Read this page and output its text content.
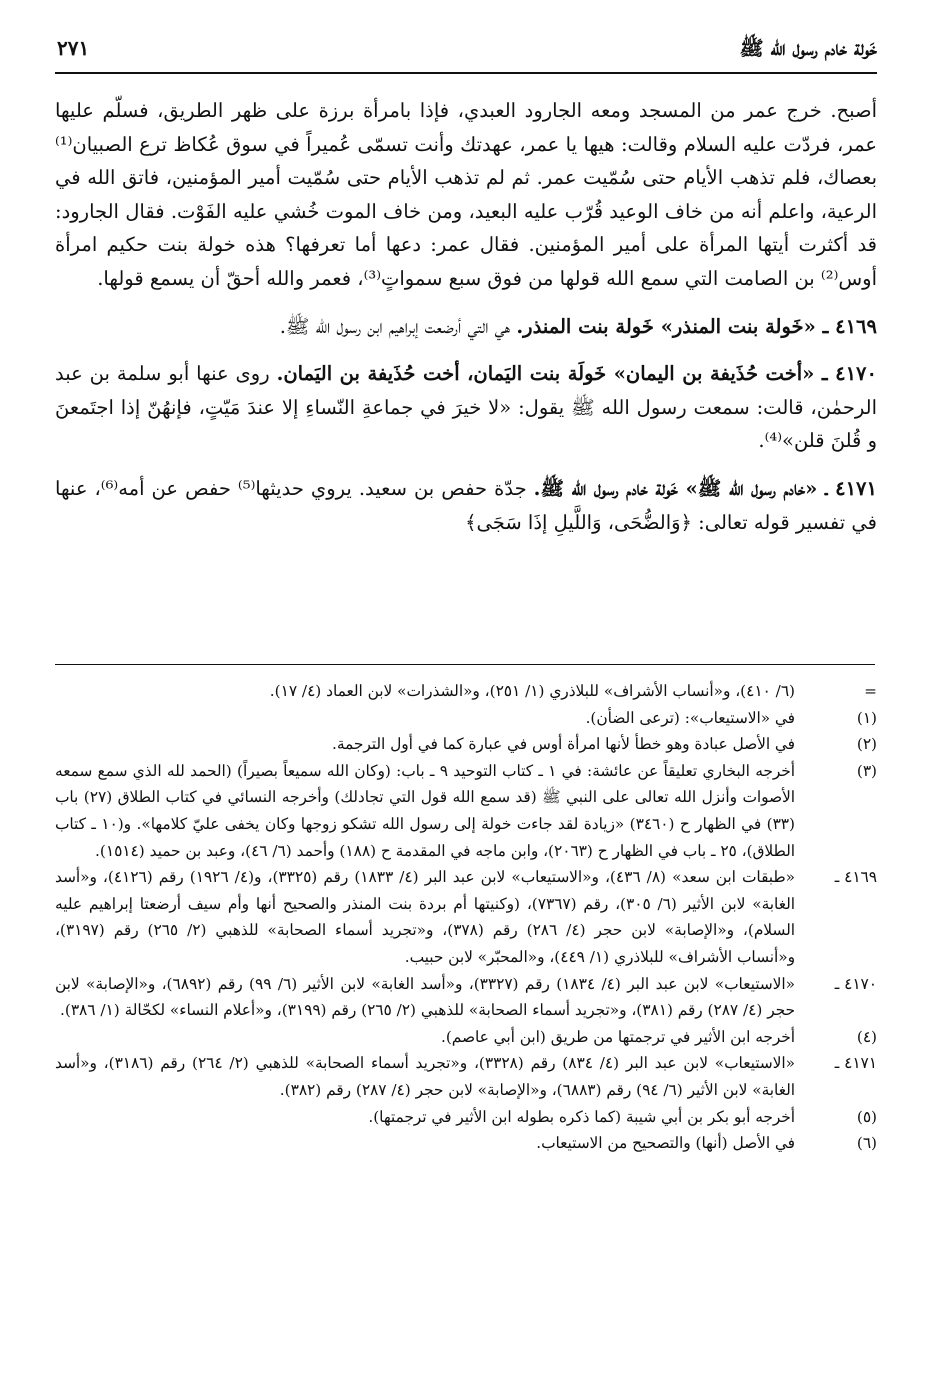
خَولة خادم رسول الله ﷺ
٢٧١

أصبح. خرج عمر من المسجد ومعه الجارود العبدي، فإذا بامرأة برزة على ظهر الطريق، فسلّم عليها عمر، فردّت عليه السلام وقالت: هيها يا عمر، عهدتك وأنت تسمّى عُميراً في سوق عُكاظ ترع الصبيان⁽¹⁾ بعصاك، فلم تذهب الأيام حتى سُمّيت عمر. ثم لم تذهب الأيام حتى سُمّيت أمير المؤمنين، فاتق الله في الرعية، واعلم أنه من خاف الوعيد قُرّب عليه البعيد، ومن خاف الموت خُشي عليه الفَوْت. فقال الجارود: قد أكثرت أيتها المرأة على أمير المؤمنين. فقال عمر: دعها أما تعرفها؟ هذه خولة بنت حكيم امرأة أوس⁽²⁾ بن الصامت التي سمع الله قولها من فوق سبع سمواتٍ⁽³⁾، فعمر والله أحقّ أن يسمع قولها.

٤١٦٩ ـ «خَولة بنت المنذر» خَولة بنت المنذر. هي التي أرضعت إبراهيم ابن رسول الله ﷺ.

٤١٧٠ ـ «أخت حُذَيفة بن اليمان» خَولَة بنت اليَمان، أخت حُذَيفة بن اليَمان. روى عنها أبو سلمة بن عبد الرحمٰن، قالت: سمعت رسول الله ﷺ يقول: «لا خيرَ في جماعةِ النّساءِ إلا عندَ مَيّتٍ، فإنهُنّ إذا اجتَمعنَ و قُلنَ قلن»⁽⁴⁾.

٤١٧١ ـ «خادم رسول الله ﷺ» خَولة خادم رسول الله ﷺ. جدّة حفص بن سعيد. يروي حديثها⁽⁵⁾ حفص عن أمه⁽⁶⁾، عنها في تفسير قوله تعالى: ﴿وَالضُّحَى، وَاللَّيلِ إذَا سَجَى﴾

=
(٦/ ٤١٠)، و«أنساب الأشراف» للبلاذري (١/ ٢٥١)، و«الشذرات» لابن العماد (٤/ ١٧).
(١)
في «الاستيعاب»: (ترعى الضأن).
(٢)
في الأصل عبادة وهو خطأ لأنها امرأة أوس في عبارة كما في أول الترجمة.
(٣)
أخرجه البخاري تعليقاً عن عائشة: في ١ ـ كتاب التوحيد ٩ ـ باب: (وكان الله سميعاً بصيراً) (الحمد لله الذي سمع سمعه الأصوات وأنزل الله تعالى على النبي ﷺ (قد سمع الله قول التي تجادلك) وأخرجه النسائي في كتاب الطلاق (٢٧) باب (٣٣) في الظهار ح (٣٤٦٠) «زيادة لقد جاءت خولة إلى رسول الله تشكو زوجها وكان يخفى عليّ كلامها». و(١٠ ـ كتاب الطلاق)، ٢٥ ـ باب في الظهار ح (٢٠٦٣)، وابن ماجه في المقدمة ح (١٨٨) وأحمد (٦/ ٤٦)، وعبد بن حميد (١٥١٤).
٤١٦٩ ـ
«طبقات ابن سعد» (٨/ ٤٣٦)، و«الاستيعاب» لابن عبد البر (٤/ ١٨٣٣) رقم (٣٣٢٥)، و(٤/ ١٩٢٦) رقم (٤١٢٦)، و«أسد الغابة» لابن الأثير (٦/ ٣٠٥)، رقم (٧٣٦٧)، (وكنيتها أم بردة بنت المنذر والصحيح أنها وأم سيف أرضعتا إبراهيم عليه السلام)، و«الإصابة» لابن حجر (٤/ ٢٨٦) رقم (٣٧٨)، و«تجريد أسماء الصحابة» للذهبي (٢/ ٢٦٥) رقم (٣١٩٧)، و«أنساب الأشراف» للبلاذري (١/ ٤٤٩)، و«المحبّر» لابن حبيب.
٤١٧٠ ـ
«الاستيعاب» لابن عبد البر (٤/ ١٨٣٤) رقم (٣٣٢٧)، و«أسد الغابة» لابن الأثير (٦/ ٩٩) رقم (٦٨٩٢)، و«الإصابة» لابن حجر (٤/ ٢٨٧) رقم (٣٨١)، و«تجريد أسماء الصحابة» للذهبي (٢/ ٢٦٥) رقم (٣١٩٩)، و«أعلام النساء» لكحّالة (١/ ٣٨٦).
(٤)
أخرجه ابن الأثير في ترجمتها من طريق (ابن أبي عاصم).
٤١٧١ ـ
«الاستيعاب» لابن عبد البر (٤/ ٨٣٤) رقم (٣٣٢٨)، و«تجريد أسماء الصحابة» للذهبي (٢/ ٢٦٤) رقم (٣١٨٦)، و«أسد الغابة» لابن الأثير (٦/ ٩٤) رقم (٦٨٨٣)، و«الإصابة» لابن حجر (٤/ ٢٨٧) رقم (٣٨٢).
(٥)
أخرجه أبو بكر بن أبي شيبة (كما ذكره بطوله ابن الأثير في ترجمتها).
(٦)
في الأصل (أنها) والتصحيح من الاستيعاب.
